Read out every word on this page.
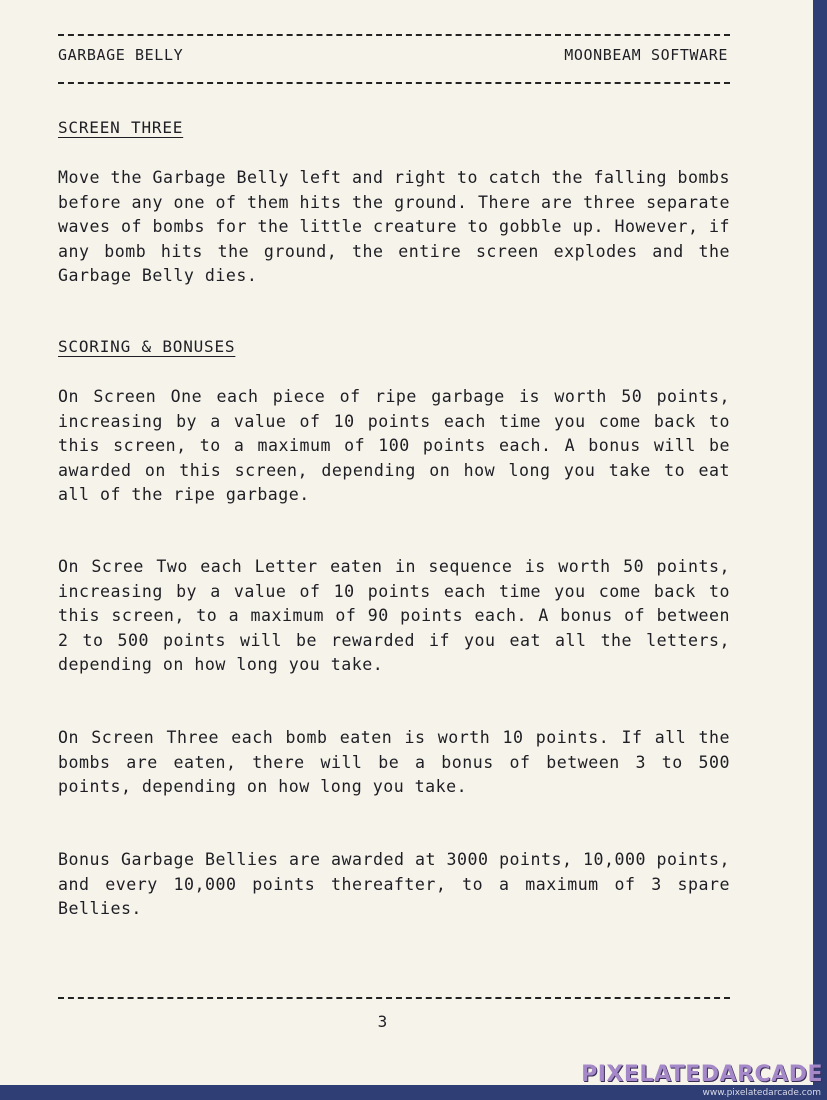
GARBAGE BELLY	MOONBEAM SOFTWARE
SCREEN THREE

Move the Garbage Belly left and right to catch the falling bombs before any one of them hits the ground. There are three separate waves of bombs for the little creature to gobble up. However, if any bomb hits the ground, the entire screen explodes and the Garbage Belly dies.

SCORING & BONUSES

On Screen One each piece of ripe garbage is worth 50 points, increasing by a value of 10 points each time you come back to this screen, to a maximum of 100 points each. A bonus will be awarded on this screen, depending on how long you take to eat all of the ripe garbage.

On Scree Two each Letter eaten in sequence is worth 50 points, increasing by a value of 10 points each time you come back to this screen, to a maximum of 90 points each. A bonus of between 2 to 500 points will be rewarded if you eat all the letters, depending on how long you take.

On Screen Three each bomb eaten is worth 10 points. If all the bombs are eaten, there will be a bonus of between 3 to 500 points, depending on how long you take.

Bonus Garbage Bellies are awarded at 3000 points, 10,000 points, and every 10,000 points thereafter, to a maximum of 3 spare Bellies.

3
PIXELATEDARCADE
www.pixelatedarcade.com
